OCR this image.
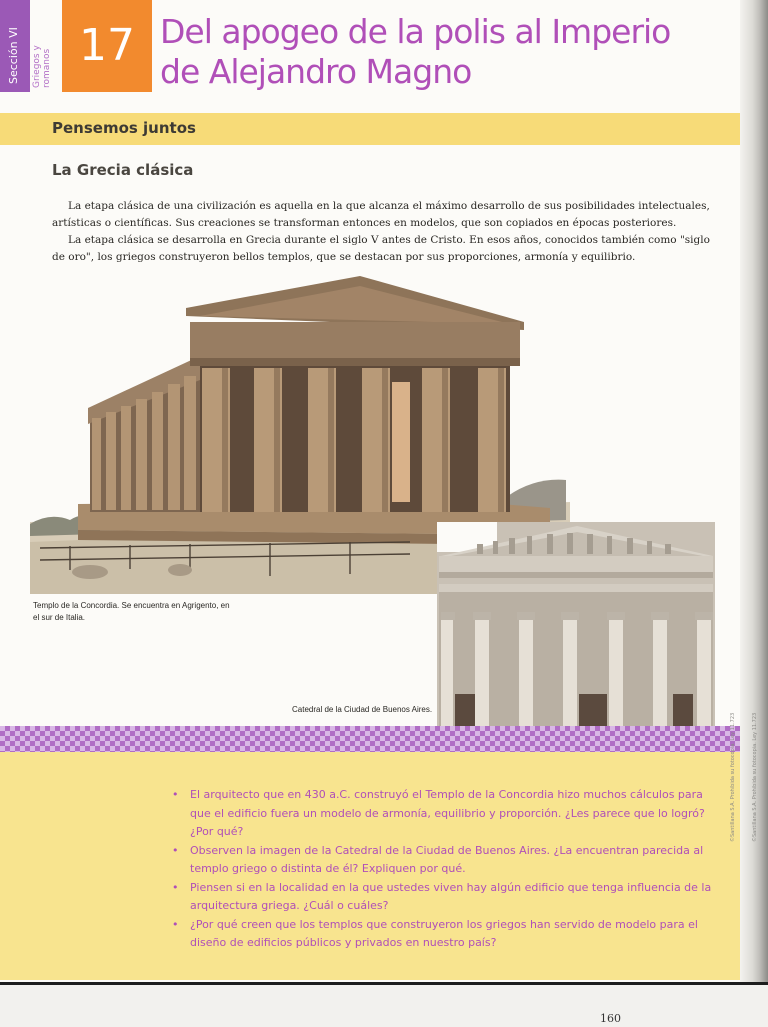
Sección VI Griegos y romanos 17 Del apogeo de la polis al Imperio
de Alejandro Magno
Pensemos juntos
La Grecia clásica

La etapa clásica de una civilización es aquella en la que alcanza el máximo desarrollo de sus posibilidades intelectuales, artísticas o científicas. Sus creaciones se transforman entonces en modelos, que son copiados en épocas posteriores.

La etapa clásica se desarrolla en Grecia durante el siglo V antes de Cristo. En esos años, conocidos también como "siglo de oro", los griegos construyeron bellos templos, que se destacan por sus proporciones, armonía y equilibrio.

Templo de la Concordia. Se encuentra en Agrigento, en
el sur de Italia.
Catedral de la Ciudad de Buenos Aires.
• El arquitecto que en 430 a.C. construyó el Templo de la Concordia hizo muchos cálculos para que el edificio fuera un modelo de armonía, equilibrio y proporción. ¿Les parece que lo logró? ¿Por qué?
• Observen la imagen de la Catedral de la Ciudad de Buenos Aires. ¿La encuentran parecida al templo griego o distinta de él? Expliquen por qué.
• Piensen si en la localidad en la que ustedes viven hay algún edificio que tenga influencia de la arquitectura griega. ¿Cuál o cuáles?
• ¿Por qué creen que los templos que construyeron los griegos han servido de modelo para el diseño de edificios públicos y privados en nuestro país?
©Santillana S.A. Prohibida su fotocopia. Ley 11.723	©Santillana S.A. Prohibida su fotocopia. Ley 11.723
160
